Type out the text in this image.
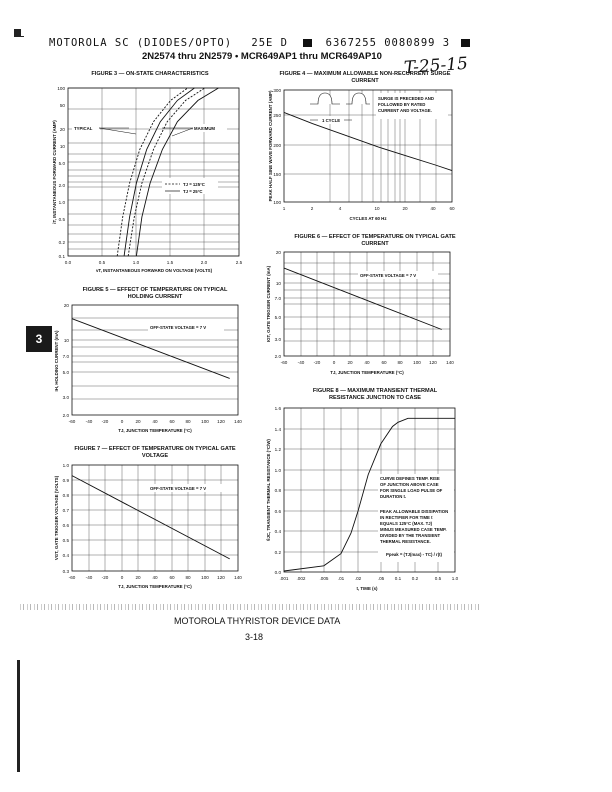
MOTOROLA SC (DIODES/OPTO) 25E D	6367255 0080899 3
2N2574 thru 2N2579 • MCR649AP1 thru MCR649AP10 T-25-15
3
FIGURE 3 — ON-STATE CHARACTERISTICS
100
50
20
10
5.0
2.0
1.0
0.5
0.2
0.1
0.0	0.5	1.0	1.5	2.0	2.5
vT, INSTANTANEOUS FORWARD ON VOLTAGE (VOLTS)
iT, INSTANTANEOUS FORWARD CURRENT (AMP)	TYPICAL	MAXIMUM
TJ = 125°C
TJ = 25°C
FIGURE 4 — MAXIMUM ALLOWABLE NON-RECURRENT SURGE CURRENT
SURGE IS PRECEDED AND
FOLLOWED BY RATED
CURRENT AND VOLTAGE.
1 CYCLE
300
250
200
150
100
1	2	4	10	20	40	60
CYCLES AT 60 Hz
PEAK HALF SINE WAVE FORWARD CURRENT (AMP)
FIGURE 5 — EFFECT OF TEMPERATURE ON TYPICAL HOLDING CURRENT
OFF-STATE VOLTAGE = 7 V
20
10
7.0
5.0
3.0
2.0
-60 -40 -20	0	20	40	60 80 100 120 140
TJ, JUNCTION TEMPERATURE (°C)
IH, HOLDING CURRENT (mA)
FIGURE 6 — EFFECT OF TEMPERATURE ON TYPICAL GATE CURRENT
OFF-STATE VOLTAGE = 7 V
20
10
7.0
5.0
3.0
2.0
-60 -40 -20	0	20	40	60 80 100 120 140
TJ, JUNCTION TEMPERATURE (°C)
IGT, GATE TRIGGER CURRENT (mA)
FIGURE 7 — EFFECT OF TEMPERATURE ON TYPICAL GATE VOLTAGE
OFF-STATE VOLTAGE = 7 V
1.0
0.9
0.8
0.7
0.6
0.5
0.4
0.3
-60 -40 -20	0	20	40	60 80 100 120 140
TJ, JUNCTION TEMPERATURE (°C)
VGT, GATE TRIGGER VOLTAGE (VOLTS)
FIGURE 8 — MAXIMUM TRANSIENT THERMAL RESISTANCE JUNCTION TO CASE
CURVE DEFINES TEMP. RISE
OF JUNCTION ABOVE CASE
FOR SINGLE LOAD PULSE OF
DURATION t.
PEAK ALLOWABLE DISSIPATION
IN RECTIFIER FOR TIME t
EQUALS 125°C (MAX. TJ)
MINUS MEASURED CASE TEMP.
DIVIDED BY THE TRANSIENT
THERMAL RESISTANCE.
Ppeak = (TJ(max) - TC) / r(t)
1.6
1.4
1.2
1.0
0.8
0.6
0.4
0.2
0.0
.001 .002	.005 .01 .02	.05 0.1 0.2	0.5 1.0
t, TIME (s)
θJC, TRANSIENT THERMAL RESISTANCE (°C/W)
MOTOROLA THYRISTOR DEVICE DATA
3-18
